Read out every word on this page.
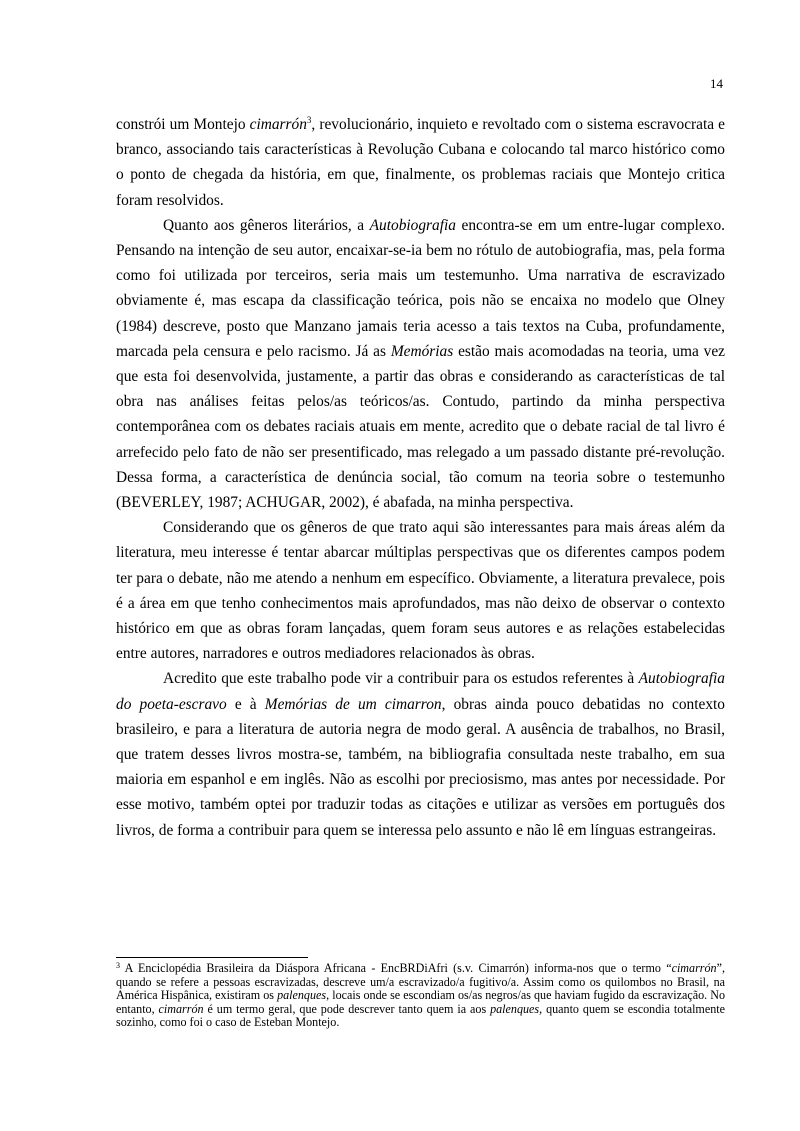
14

constrói um Montejo cimarrón$^3$, revolucionário, inquieto e revoltado com o sistema escravocrata e branco, associando tais características à Revolução Cubana e colocando tal marco histórico como o ponto de chegada da história, em que, finalmente, os problemas raciais que Montejo critica foram resolvidos.

Quanto aos gêneros literários, a Autobiografia encontra-se em um entre-lugar complexo. Pensando na intenção de seu autor, encaixar-se-ia bem no rótulo de autobiografia, mas, pela forma como foi utilizada por terceiros, seria mais um testemunho. Uma narrativa de escravizado obviamente é, mas escapa da classificação teórica, pois não se encaixa no modelo que Olney (1984) descreve, posto que Manzano jamais teria acesso a tais textos na Cuba, profundamente, marcada pela censura e pelo racismo. Já as Memórias estão mais acomodadas na teoria, uma vez que esta foi desenvolvida, justamente, a partir das obras e considerando as características de tal obra nas análises feitas pelos/as teóricos/as. Contudo, partindo da minha perspectiva contemporânea com os debates raciais atuais em mente, acredito que o debate racial de tal livro é arrefecido pelo fato de não ser presentificado, mas relegado a um passado distante pré-revolução. Dessa forma, a característica de denúncia social, tão comum na teoria sobre o testemunho (BEVERLEY, 1987; ACHUGAR, 2002), é abafada, na minha perspectiva.

Considerando que os gêneros de que trato aqui são interessantes para mais áreas além da literatura, meu interesse é tentar abarcar múltiplas perspectivas que os diferentes campos podem ter para o debate, não me atendo a nenhum em específico. Obviamente, a literatura prevalece, pois é a área em que tenho conhecimentos mais aprofundados, mas não deixo de observar o contexto histórico em que as obras foram lançadas, quem foram seus autores e as relações estabelecidas entre autores, narradores e outros mediadores relacionados às obras.

Acredito que este trabalho pode vir a contribuir para os estudos referentes à Autobiografia do poeta-escravo e à Memórias de um cimarron, obras ainda pouco debatidas no contexto brasileiro, e para a literatura de autoria negra de modo geral. A ausência de trabalhos, no Brasil, que tratem desses livros mostra-se, também, na bibliografia consultada neste trabalho, em sua maioria em espanhol e em inglês. Não as escolhi por preciosismo, mas antes por necessidade. Por esse motivo, também optei por traduzir todas as citações e utilizar as versões em português dos livros, de forma a contribuir para quem se interessa pelo assunto e não lê em línguas estrangeiras.

$^3$ A Enciclopédia Brasileira da Diáspora Africana - EncBRDiAfri (s.v. Cimarrón) informa-nos que o termo “cimarrón”, quando se refere a pessoas escravizadas, descreve um/a escravizado/a fugitivo/a. Assim como os quilombos no Brasil, na América Hispânica, existiram os palenques, locais onde se escondiam os/as negros/as que haviam fugido da escravização. No entanto, cimarrón é um termo geral, que pode descrever tanto quem ia aos palenques, quanto quem se escondia totalmente sozinho, como foi o caso de Esteban Montejo.
